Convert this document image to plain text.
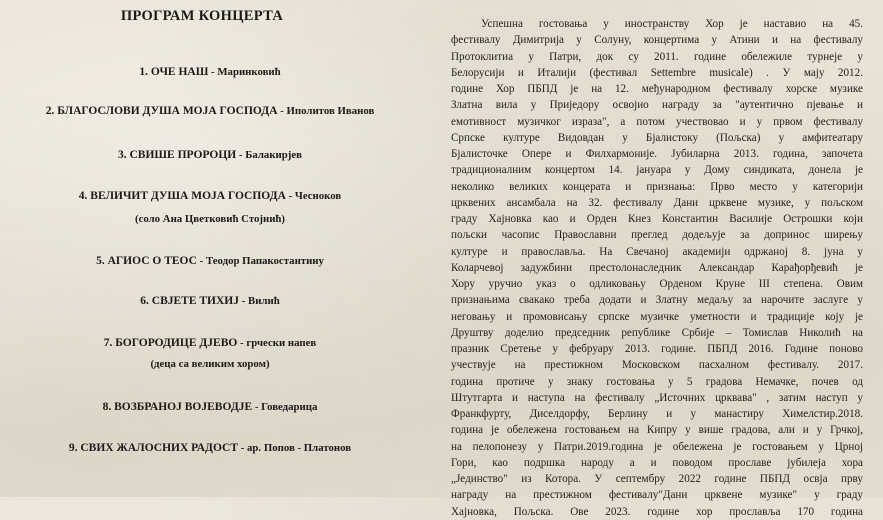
ПРОГРАМ КОНЦЕРТА
1. ОЧЕ НАШ - Маринковић
2. БЛАГОСЛОВИ ДУША МОЈА ГОСПОДА - Иполитов Иванов
3. СВИШЕ ПРОРОЦИ - Балакирјев
4. ВЕЛИЧИТ ДУША МОЈА ГОСПОДА - Чесноков
(соло Ана Цветковић Стојнић)
5. АГИОС О ТЕОС - Теодор Папакостантину
6. СВЈЕТЕ ТИХИЈ - Вилић
7. БОГОРОДИЦЕ ДЈЕВО - грчески напев
(деца са великим хором)
8. ВОЗБРАНОЈ ВОЈЕВОДЈЕ - Говедарица
9. СВИХ ЖАЛОСНИХ РАДОСТ - ар. Попов - Платонов
Успешна гостовања у иностранству Хор је наставио на 45.
фестивалу Димитрија у Солуну, концертима у Атини и на фестивалу
Протоклитиа у Патри, док су 2011. године обележиле турнеје у
Белорусији и Италији (фестивал Settembre musicale) . У мају 2012.
године Хор ПБПД је на 12. међународном фестивалу хорске музике
Златна вила у Приједору освојио награду за "аутентично пјевање и
емотивност музичког израза", а потом учествовао и у првом фестивалу
Српске културе Видовдан у Бјалистоку (Пољска) у амфитеатару
Бјалисточке Опере и Филхармоније. Јубиларна 2013. година, започета
традиционалним концертом 14. јануара у Дому синдиката, донела је
неколико великих концерата и признања: Прво место у категорији
црквених ансамбала на 32. фестивалу Дани црквене музике, у пољском
граду Хајновка као и Орден Кнез Константин Василије Острошки који
пољски часопис Православни преглед додељује за допринос ширењу
културе и православља. На Свечаној академији одржаној 8. јуна у
Коларчевој задужбини престолонаследник Александар Карађорђевић је
Хору уручио указ о одликовању Орденом Круне III степена. Овим
признањима свакако треба додати и Златну медаљу за нарочите заслуге у
неговању и промовисању српске музичке уметности и традиције коју је
Друштву доделио председник републике Србије – Томислав Николић на
празник Сретење у фебруару 2013. године. ПБПД 2016. Године поново
учествује на престижном Московском пасхалном фестивалу. 2017.
година протиче у знаку гостовања у 5 градова Немачке, почев од
Штутгарта и наступа на фестивалу „Источних црквава" , затим наступ у
Франкфурту, Диселдорфу, Берлину и у манастиру Химелстир.2018.
година је обележена гостовањем на Кипру у више градова, али и у Грчкој,
на пелопонезу у Патри.2019.година је обележена је гостовањем у Црној
Гори, као подршка народу а и поводом прославе јубилеја хора
„Јединство" из Котора. У септембру 2022 године ПБПД освја прву
награду на престижном фестивалу"Дани црквене музике" у граду
Хајновка, Пољска. Ове 2023. године хор прославља 170 година
